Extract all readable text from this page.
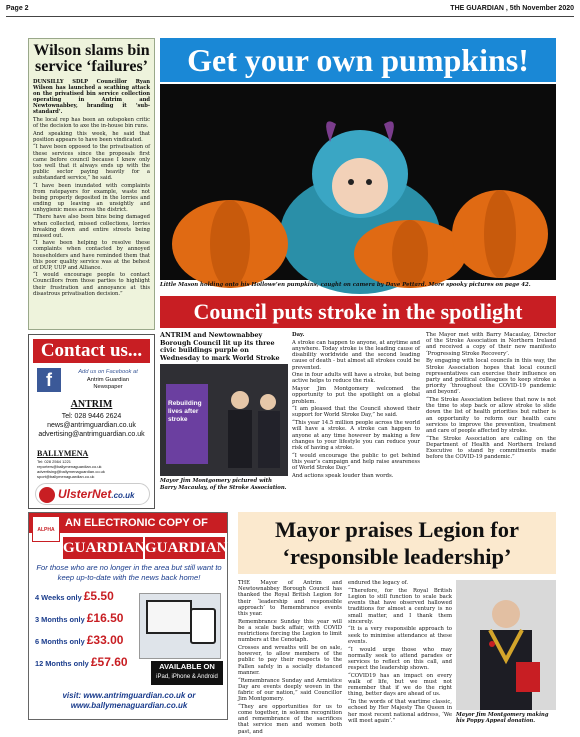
Page 2	THE GUARDIAN , 5th November 2020
Wilson slams bin service ‘failures’

DUNSILLY SDLP Councillor Ryan Wilson has launched a scathing attack on the privatised bin service collection operating in Antrim and Newtownabbey, branding it ‘sub-standard’.

The local rep has been an outspoken critic of the decision to axe the in-house bin runs.

And speaking this week, he said that position appears to have been vindicated.

“I have been opposed to the privatisation of these services since the proposals first came before council because I knew only too well that it always ends up with the public sector paying heavily for a substandard service,” he said.

“I have been inundated with complaints from ratepayers for example, waste not being properly deposited in the lorries and ending up leaving an unsightly and unhygienic mess across the district.

“There have also been bins being damaged when collected, missed collections, lorries breaking down and entire streets being missed out.

“I have been helping to resolve these complaints when contacted by annoyed householders and have reminded them that this poor quality service was at the behest of DUP, UUP and Alliance.

“I would encourage people to contact Councillors from those parties to highlight their frustration and annoyance at this disastrous privatisation decision.”

Get your own pumpkins!
Little Mason holding onto his Hollowe’en pumpkins, caught on camera by Dave Pettard. More spooky pictures on page 42.
Contact us...
f	Add us on Facebook at
Antrim Guardian
Newspaper
ANTRIM
Tel: 028 9446 2624
news@antrimguardian.co.uk
advertising@antrimguardian.co.uk
BALLYMENA
Tel: 028 2564 1221
reporters@ballymenaguardian.co.uk
advertising@ballymenaguardian.co.uk
sport@ballymenaguardian.co.uk
UlsterNet.co.uk
Council puts stroke in the spotlight
ANTRIM and Newtownabbey Borough Council lit up its three civic buildings purple on Wednesday to mark World Stroke
Rebuilding lives after stroke
Mayor Jim Montgomery pictured with Barry Macaulay, of the Stroke Association.

Day.

A stroke can happen to anyone, at anytime and anywhere. Today stroke is the leading cause of disability worldwide and the second leading cause of death - but almost all strokes could be prevented.

One in four adults will have a stroke, but being active helps to reduce the risk.

Mayor Jim Montgomery welcomed the opportunity to put the spotlight on a global problem.

“I am pleased that the Council showed their support for World Stroke Day,” he said.

“This year 14.5 million people across the world will have a stroke. A stroke can happen to anyone at any time however by making a few changes to your lifestyle you can reduce your risk of having a stroke.

“I would encourage the public to get behind this year’s campaign and help raise awareness of World Stroke Day.”

And actions speak louder than words.

The Mayor met with Barry Macaulay, Director of the Stroke Association in Northern Ireland and received a copy of their new manifesto ‘Progressing Stroke Recovery’.

By engaging with local councils in this way, the Stroke Association hopes that local council representatives can exercise their influence on party and political colleagues to keep stroke a priority ‘throughout the COVID-19 pandemic and beyond’.

“The Stroke Association believe that now is not the time to step back or allow stroke to slide down the list of health priorities but rather is an opportunity to reform our health care services to improve the prevention, treatment and care of people affected by stroke.

“The Stroke Association are calling on the Department of Health and Northern Ireland Executive to stand by commitments made before the COVID-19 pandemic.”

AN ELECTRONIC COPY OF
ALPHA
GUARDIAN GUARDIAN
For those who are no longer in the area but still want to keep up-to-date with the news back home!
4 Weeks only £5.50
3 Months only £16.50
6 Months only £33.00
12 Months only £57.60	AVAILABLE ON
iPad, iPhone & Android
visit: www.antrimguardian.co.uk or www.ballymenaguardian.co.uk
Mayor praises Legion for ‘responsible leadership’

THE Mayor of Antrim and Newtownabbey Borough Council has thanked the Royal British Legion for their ‘leadership and responsible approach’ to Remembrance events this year.

Remembrance Sunday this year will be a scale back affair, with COVID restrictions forcing the Legion to limit numbers at the Cenotaph.

Crosses and wreaths will be on sale, however, to allow members of the public to pay their respects to the Fallen safely in a socially distanced manner.

“Remembrance Sunday and Armistice Day are events deeply woven in the fabric of our nation,” said Councillor Jim Montgomery.

“They are opportunities for us to come together, in solemn recognition and remembrance of the sacrifices that service men and women both past, and

endured the legacy of.

“Therefore, for the Royal British Legion to still function to scale back events that have observed hallowed traditions for almost a century is no small matter, and I thank them sincerely.

“It is a very responsible approach to seek to minimise attendance at these events.

“I would urge those who may normally seek to attend parades or services to reflect on this call, and respect the leadership shown.

“COVID19 has an impact on every walk of life, but we must not remember that if we do the right thing, better days are ahead of us.

“In the words of that wartime classic, echoed by Her Majesty The Queen in her most recent national address, ‘We will meet again’.”

Mayor Jim Montgomery making his Poppy Appeal donation.
